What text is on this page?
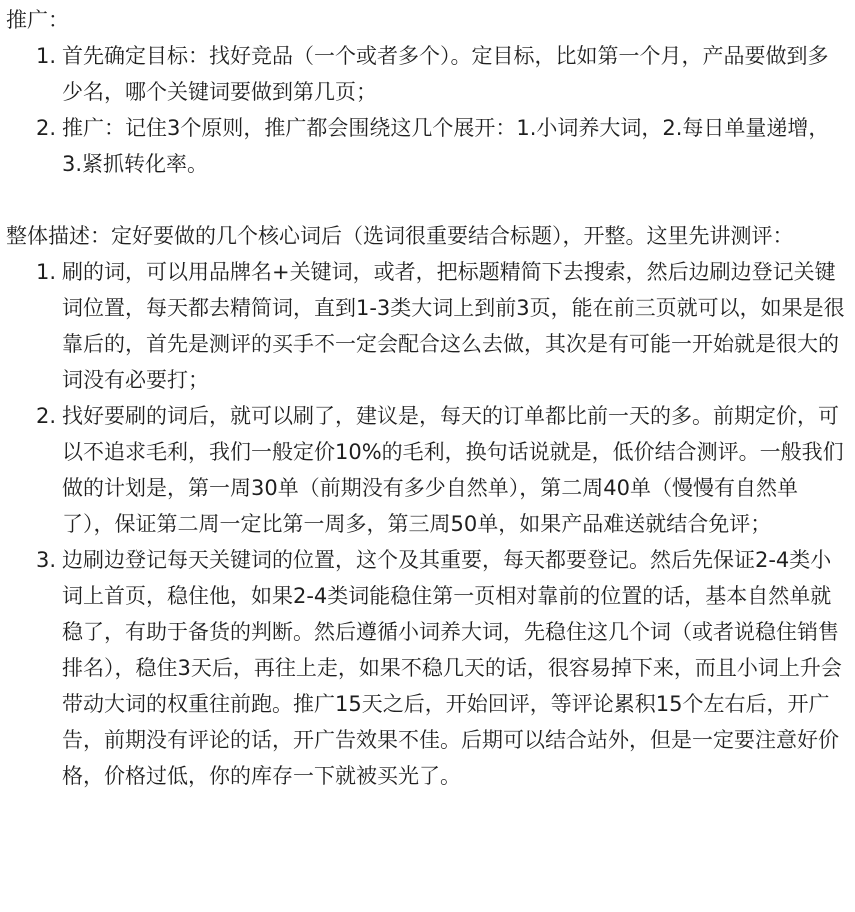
推广：

1. 首先确定目标：找好竞品（一个或者多个）。定目标，比如第一个月，产品要做到多少名，哪个关键词要做到第几页；
2. 推广：记住3个原则，推广都会围绕这几个展开：1.小词养大词，2.每日单量递增，3.紧抓转化率。

整体描述：定好要做的几个核心词后（选词很重要结合标题），开整。这里先讲测评：

1. 刷的词，可以用品牌名+关键词，或者，把标题精简下去搜索，然后边刷边登记关键词位置，每天都去精简词，直到1-3类大词上到前3页，能在前三页就可以，如果是很靠后的，首先是测评的买手不一定会配合这么去做，其次是有可能一开始就是很大的词没有必要打；
2. 找好要刷的词后，就可以刷了，建议是，每天的订单都比前一天的多。前期定价，可以不追求毛利，我们一般定价10%的毛利，换句话说就是，低价结合测评。一般我们做的计划是，第一周30单（前期没有多少自然单），第二周40单（慢慢有自然单了），保证第二周一定比第一周多，第三周50单，如果产品难送就结合免评；
3. 边刷边登记每天关键词的位置，这个及其重要，每天都要登记。然后先保证2-4类小词上首页，稳住他，如果2-4类词能稳住第一页相对靠前的位置的话，基本自然单就稳了，有助于备货的判断。然后遵循小词养大词，先稳住这几个词（或者说稳住销售排名），稳住3天后，再往上走，如果不稳几天的话，很容易掉下来，而且小词上升会带动大词的权重往前跑。推广15天之后，开始回评，等评论累积15个左右后，开广告，前期没有评论的话，开广告效果不佳。后期可以结合站外，但是一定要注意好价格，价格过低，你的库存一下就被买光了。
